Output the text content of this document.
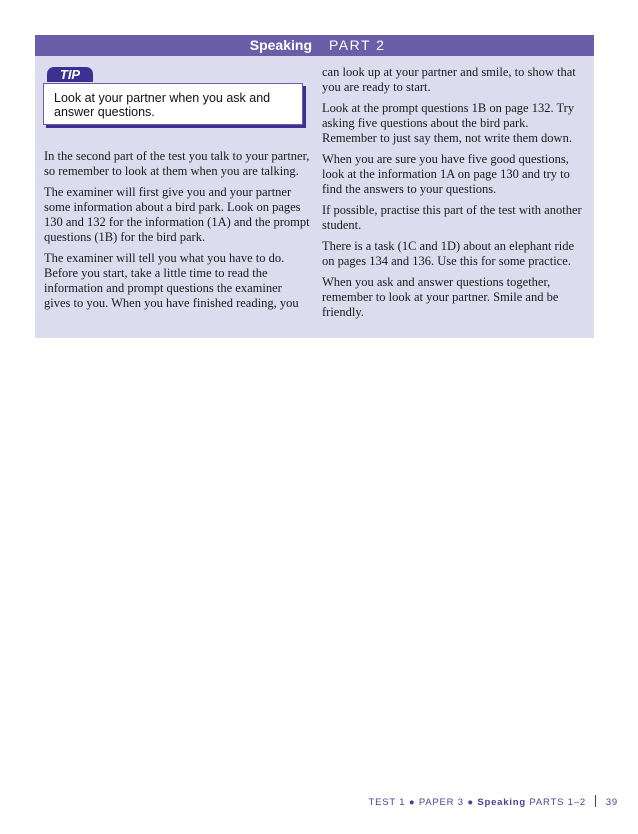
Speaking PART 2
Look at your partner when you ask and answer questions.
TIP

In the second part of the test you talk to your partner, so remember to look at them when you are talking.

The examiner will first give you and your partner some information about a bird park. Look on pages 130 and 132 for the information (1A) and the prompt questions (1B) for the bird park.

The examiner will tell you what you have to do. Before you start, take a little time to read the information and prompt questions the examiner gives to you. When you have finished reading, you

can look up at your partner and smile, to show that you are ready to start.

Look at the prompt questions 1B on page 132. Try asking five questions about the bird park. Remember to just say them, not write them down.

When you are sure you have five good questions, look at the information 1A on page 130 and try to find the answers to your questions.

If possible, practise this part of the test with another student.

There is a task (1C and 1D) about an elephant ride on pages 134 and 136. Use this for some practice.

When you ask and answer questions together, remember to look at your partner. Smile and be friendly.

TEST 1 ● PAPER 3 ● Speaking PARTS 1–2 39
